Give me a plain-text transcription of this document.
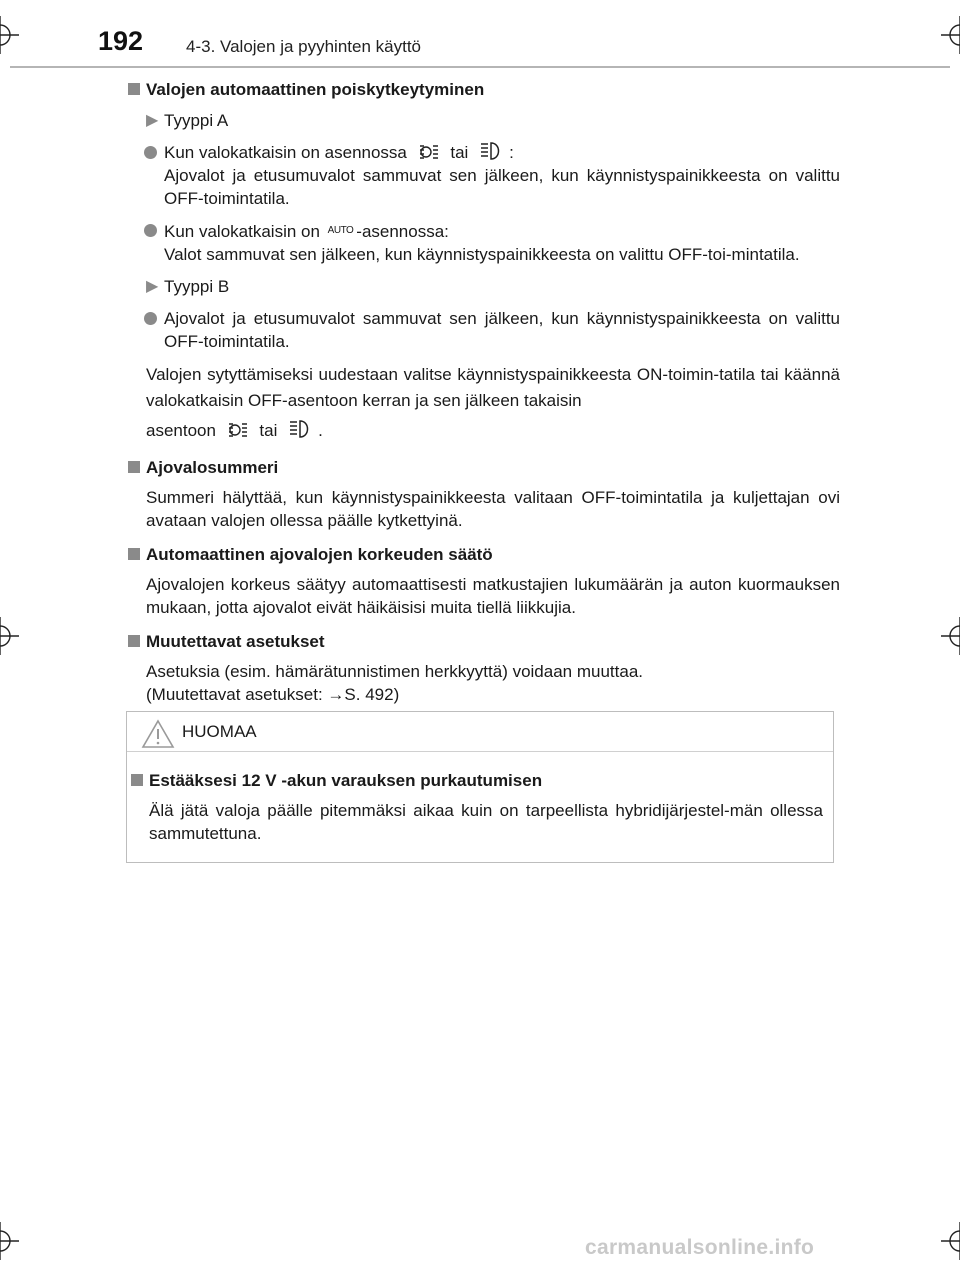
192	4-3. Valojen ja pyyhinten käyttö
Valojen automaattinen poiskytkeytyminen
▶ Tyyppi A
Kun valokatkaisin on asennossa	tai :
Ajovalot ja etusumuvalot sammuvat sen jälkeen, kun käynnistyspainikkeesta on valittu OFF-toimintatila.
Kun valokatkaisin on AUTO -asennossa:
Valot sammuvat sen jälkeen, kun käynnistyspainikkeesta on valittu OFF-toi-mintatila.
▶ Tyyppi B
Ajovalot ja etusumuvalot sammuvat sen jälkeen, kun käynnistyspainikkeesta on valittu OFF-toimintatila.
Valojen sytyttämiseksi uudestaan valitse käynnistyspainikkeesta ON-toimin-tatila tai käännä valokatkaisin OFF-asentoon kerran ja sen jälkeen takaisin
asentoon	tai .
Ajovalosummeri
Summeri hälyttää, kun käynnistyspainikkeesta valitaan OFF-toimintatila ja kuljettajan ovi avataan valojen ollessa päälle kytkettyinä.
Automaattinen ajovalojen korkeuden säätö
Ajovalojen korkeus säätyy automaattisesti matkustajien lukumäärän ja auton kuormauksen mukaan, jotta ajovalot eivät häikäisisi muita tiellä liikkujia.
Muutettavat asetukset
Asetuksia (esim. hämärätunnistimen herkkyyttä) voidaan muuttaa.
(Muutettavat asetukset: →S. 492)
HUOMAA
Estääksesi 12 V -akun varauksen purkautumisen
Älä jätä valoja päälle pitemmäksi aikaa kuin on tarpeellista hybridijärjestel-män ollessa sammutettuna.
carmanualsonline.info
